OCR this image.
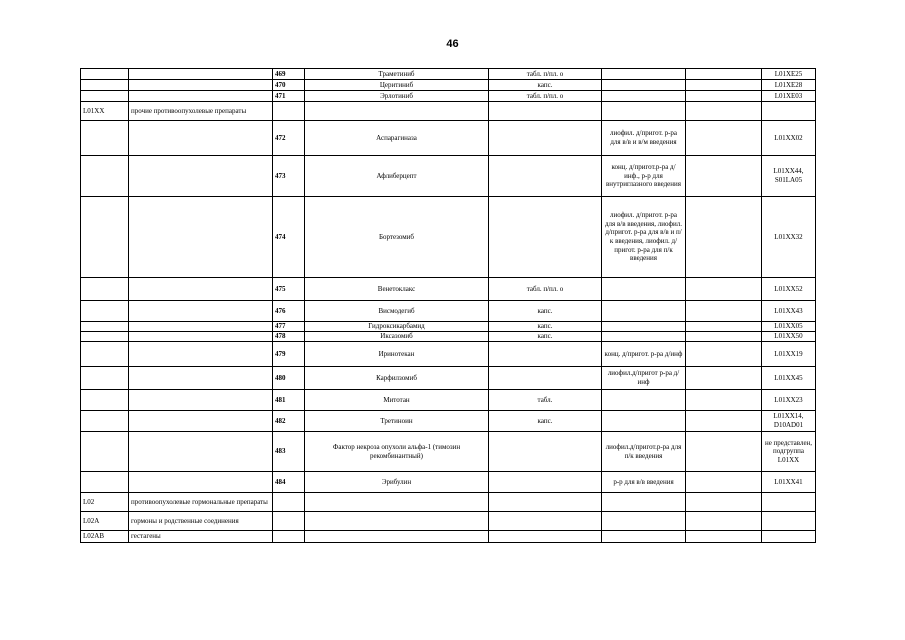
46
		469	Траметиниб	табл. п/пл. о			L01XE25
		470	Церитиниб	капс.			L01XE28
		471	Эрлотиниб	табл. п/пл. о			L01XE03
L01XX	прочие противоопухолевые препараты						
		472	Аспарагиназа		лиофил. д/пригот. р-ра для в/в и в/м введения		L01XX02
		473	Афлиберцепт		конц. д/пригот.р-ра д/инф., р-р для внутриглазного введения		L01XX44, S01LA05
		474	Бортезомиб		лиофил. д/пригот. р-ра для в/в введения, лиофил. д/пригот. р-ра для в/в и п/к введения, лиофил. д/пригот. р-ра для п/к введения		L01XX32
		475	Венетоклакс	табл. п/пл. о			L01XX52
		476	Висмодегиб	капс.			L01XX43
		477	Гидроксикарбамид	капс.			L01XX05
		478	Иксазомиб	капс.			L01XX50
		479	Иринотекан		конц. д/пригот. р-ра д/инф		L01XX19
		480	Карфилзомиб		лиофил.д/пригот р-ра д/инф		L01XX45
		481	Митотан	табл.			L01XX23
		482	Третиноин	капс.			L01XX14, D10AD01
		483	Фактор некроза опухоли альфа-1 (тимозин рекомбинантный)		лиофил.д/пригот.р-ра для п/к введения		не представлен, подгруппа L01XX
		484	Эрибулин		р-р для в/в введения		L01XX41
L02	противоопухолевые гормональные препараты						
L02A	гормоны и родственные соединения						
L02AB	гестагены						
